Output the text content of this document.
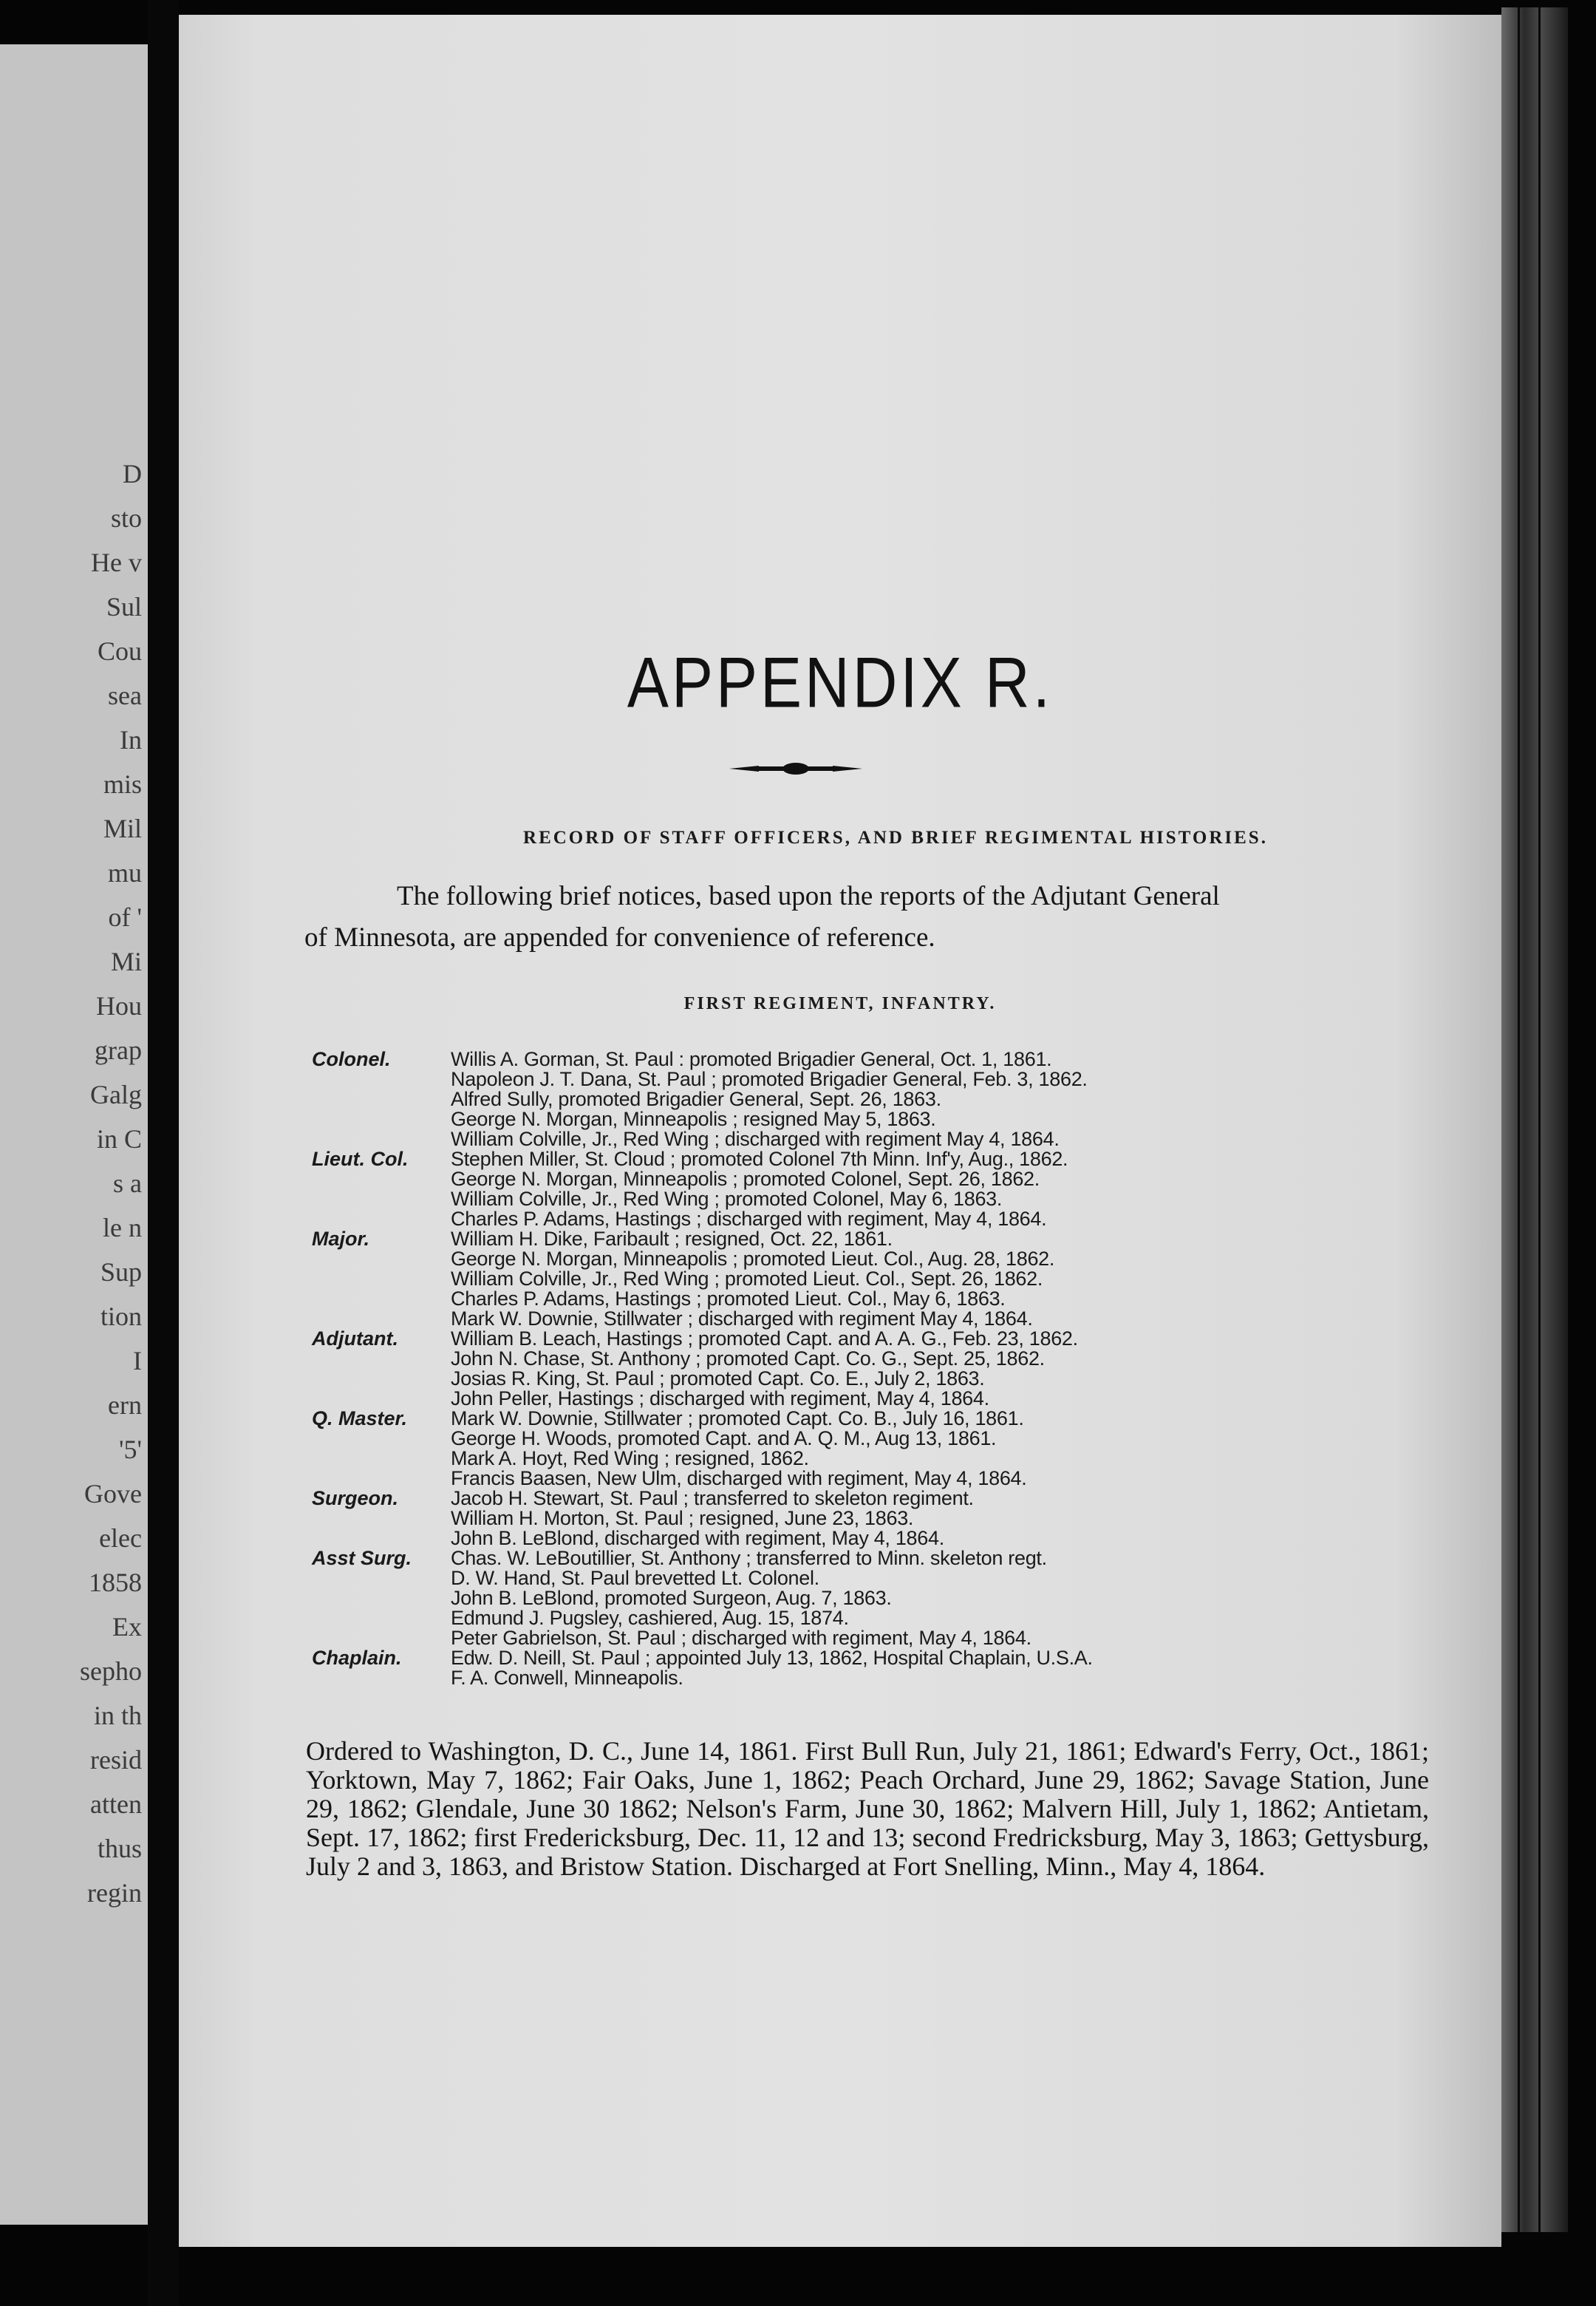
D
sto
He v
Sul
Cou
sea
In
mis
Mil
mu
of '
Mi
Hou
grap
Galg
in C
s a
le n
Sup
tion
I
ern
'5'
Gove
elec
1858
Ex
sepho
in th
resid
atten
thus
regin
APPENDIX R.
RECORD OF STAFF OFFICERS, AND BRIEF REGIMENTAL HISTORIES.
The following brief notices, based upon the reports of the Adjutant General
of Minnesota, are appended for convenience of reference.
FIRST REGIMENT, INFANTRY.
Colonel.	Willis A. Gorman, St. Paul : promoted Brigadier General, Oct. 1, 1861.
Napoleon J. T. Dana, St. Paul ; promoted Brigadier General, Feb. 3, 1862.
Alfred Sully, promoted Brigadier General, Sept. 26, 1863.
George N. Morgan, Minneapolis ; resigned May 5, 1863.
William Colville, Jr., Red Wing ; discharged with regiment May 4, 1864.
Lieut. Col.	Stephen Miller, St. Cloud ; promoted Colonel 7th Minn. Inf'y, Aug., 1862.
George N. Morgan, Minneapolis ; promoted Colonel, Sept. 26, 1862.
William Colville, Jr., Red Wing ; promoted Colonel, May 6, 1863.
Charles P. Adams, Hastings ; discharged with regiment, May 4, 1864.
Major.	William H. Dike, Faribault ; resigned, Oct. 22, 1861.
George N. Morgan, Minneapolis ; promoted Lieut. Col., Aug. 28, 1862.
William Colville, Jr., Red Wing ; promoted Lieut. Col., Sept. 26, 1862.
Charles P. Adams, Hastings ; promoted Lieut. Col., May 6, 1863.
Mark W. Downie, Stillwater ; discharged with regiment May 4, 1864.
Adjutant.	William B. Leach, Hastings ; promoted Capt. and A. A. G., Feb. 23, 1862.
John N. Chase, St. Anthony ; promoted Capt. Co. G., Sept. 25, 1862.
Josias R. King, St. Paul ; promoted Capt. Co. E., July 2, 1863.
John Peller, Hastings ; discharged with regiment, May 4, 1864.
Q. Master.	Mark W. Downie, Stillwater ; promoted Capt. Co. B., July 16, 1861.
George H. Woods, promoted Capt. and A. Q. M., Aug 13, 1861.
Mark A. Hoyt, Red Wing ; resigned, 1862.
Francis Baasen, New Ulm, discharged with regiment, May 4, 1864.
Surgeon.	Jacob H. Stewart, St. Paul ; transferred to skeleton regiment.
William H. Morton, St. Paul ; resigned, June 23, 1863.
John B. LeBlond, discharged with regiment, May 4, 1864.
Asst Surg.	Chas. W. LeBoutillier, St. Anthony ; transferred to Minn. skeleton regt.
D. W. Hand, St. Paul brevetted Lt. Colonel.
John B. LeBlond, promoted Surgeon, Aug. 7, 1863.
Edmund J. Pugsley, cashiered, Aug. 15, 1874.
Peter Gabrielson, St. Paul ; discharged with regiment, May 4, 1864.
Chaplain.	Edw. D. Neill, St. Paul ; appointed July 13, 1862, Hospital Chaplain, U.S.A.
F. A. Conwell, Minneapolis.
Ordered to Washington, D. C., June 14, 1861. First Bull Run, July 21, 1861; Edward's Ferry, Oct., 1861; Yorktown, May 7, 1862; Fair Oaks, June 1, 1862; Peach Orchard, June 29, 1862; Savage Station, June 29, 1862; Glendale, June 30 1862; Nelson's Farm, June 30, 1862; Malvern Hill, July 1, 1862; Antietam, Sept. 17, 1862; first Fredericksburg, Dec. 11, 12 and 13; second Fredricksburg, May 3, 1863; Gettysburg, July 2 and 3, 1863, and Bristow Station. Discharged at Fort Snelling, Minn., May 4, 1864.
